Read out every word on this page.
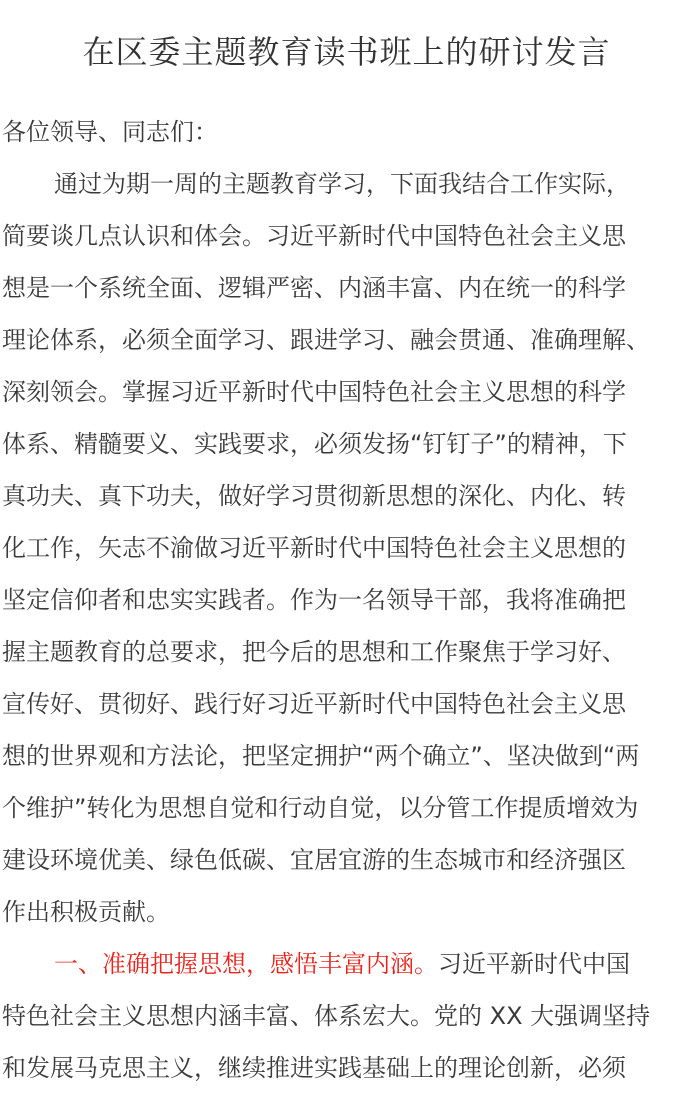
在区委主题教育读书班上的研讨发言
各位领导、同志们：
通过为期一周的主题教育学习，下面我结合工作实际，
简要谈几点认识和体会。习近平新时代中国特色社会主义思
想是一个系统全面、逻辑严密、内涵丰富、内在统一的科学
理论体系，必须全面学习、跟进学习、融会贯通、准确理解、
深刻领会。掌握习近平新时代中国特色社会主义思想的科学
体系、精髓要义、实践要求，必须发扬“钉钉子”的精神，下
真功夫、真下功夫，做好学习贯彻新思想的深化、内化、转
化工作，矢志不渝做习近平新时代中国特色社会主义思想的
坚定信仰者和忠实实践者。作为一名领导干部，我将准确把
握主题教育的总要求，把今后的思想和工作聚焦于学习好、
宣传好、贯彻好、践行好习近平新时代中国特色社会主义思
想的世界观和方法论，把坚定拥护“两个确立”、坚决做到“两
个维护”转化为思想自觉和行动自觉，以分管工作提质增效为
建设环境优美、绿色低碳、宜居宜游的生态城市和经济强区
作出积极贡献。
一、准确把握思想，感悟丰富内涵。习近平新时代中国
特色社会主义思想内涵丰富、体系宏大。党的 XX 大强调坚持
和发展马克思主义，继续推进实践基础上的理论创新，必须
